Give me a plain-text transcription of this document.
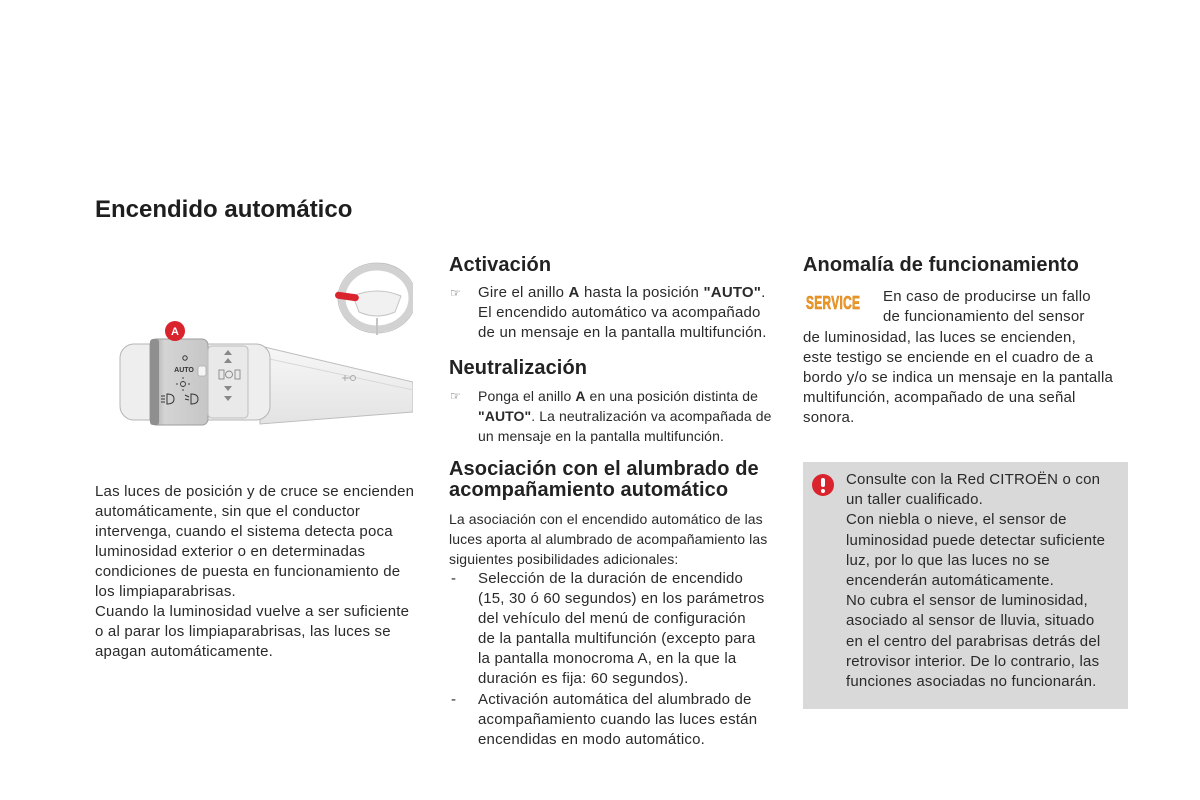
Encendido automático
AUTO
A
Las luces de posición y de cruce se encienden
automáticamente, sin que el conductor
intervenga, cuando el sistema detecta poca
luminosidad exterior o en determinadas
condiciones de puesta en funcionamiento de
los limpiaparabrisas.
Cuando la luminosidad vuelve a ser suficiente
o al parar los limpiaparabrisas, las luces se
apagan automáticamente.
Activación
☞ Gire el anillo A hasta la posición "AUTO".
El encendido automático va acompañado
de un mensaje en la pantalla multifunción.
Neutralización
☞ Ponga el anillo A en una posición distinta de
"AUTO". La neutralización va acompañada de
un mensaje en la pantalla multifunción.
Asociación con el alumbrado de
acompañamiento automático
La asociación con el encendido automático de las
luces aporta al alumbrado de acompañamiento las
siguientes posibilidades adicionales:
- Selección de la duración de encendido
(15, 30 ó 60 segundos) en los parámetros
del vehículo del menú de configuración
de la pantalla multifunción (excepto para
la pantalla monocroma A, en la que la
duración es fija: 60 segundos).
- Activación automática del alumbrado de
acompañamiento cuando las luces están
encendidas en modo automático.
Anomalía de funcionamiento
SERVICE En caso de producirse un fallo
de funcionamiento del sensor
de luminosidad, las luces se encienden,
este testigo se enciende en el cuadro de a
bordo y/o se indica un mensaje en la pantalla
multifunción, acompañado de una señal
sonora.
Consulte con la Red CITROËN o con
un taller cualificado.
Con niebla o nieve, el sensor de
luminosidad puede detectar suficiente
luz, por lo que las luces no se
encenderán automáticamente.
No cubra el sensor de luminosidad,
asociado al sensor de lluvia, situado
en el centro del parabrisas detrás del
retrovisor interior. De lo contrario, las
funciones asociadas no funcionarán.
